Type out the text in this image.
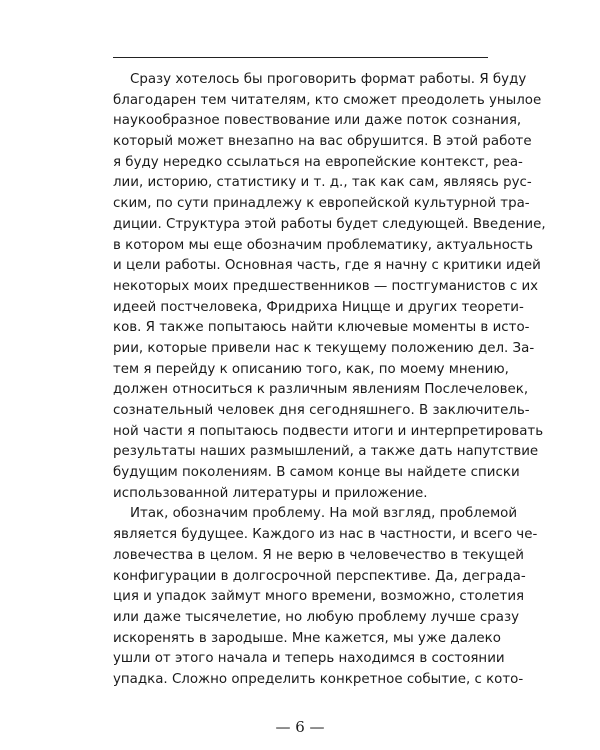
Сразу хотелось бы проговорить формат работы. Я буду
благодарен тем читателям, кто сможет преодолеть унылое
наукообразное повествование или даже поток сознания,
который может внезапно на вас обрушится. В этой работе
я буду нередко ссылаться на европейские контекст, реа-
лии, историю, статистику и т. д., так как сам, являясь рус-
ским, по сути принадлежу к европейской культурной тра-
диции. Структура этой работы будет следующей. Введение,
в котором мы еще обозначим проблематику, актуальность
и цели работы. Основная часть, где я начну с критики идей
некоторых моих предшественников — постгуманистов с их
идеей постчеловека, Фридриха Ницще и других теорети-
ков. Я также попытаюсь найти ключевые моменты в исто-
рии, которые привели нас к текущему положению дел. За-
тем я перейду к описанию того, как, по моему мнению,
должен относиться к различным явлениям Послечеловек,
сознательный человек дня сегодняшнего. В заключитель-
ной части я попытаюсь подвести итоги и интерпретировать
результаты наших размышлений, а также дать напутствие
будущим поколениям. В самом конце вы найдете списки
использованной литературы и приложение.
Итак, обозначим проблему. На мой взгляд, проблемой
является будущее. Каждого из нас в частности, и всего че-
ловечества в целом. Я не верю в человечество в текущей
конфигурации в долгосрочной перспективе. Да, деграда-
ция и упадок займут много времени, возможно, столетия
или даже тысячелетие, но любую проблему лучше сразу
искоренять в зародыше. Мне кажется, мы уже далеко
ушли от этого начала и теперь находимся в состоянии
упадка. Сложно определить конкретное событие, с кото-
— 6 —
